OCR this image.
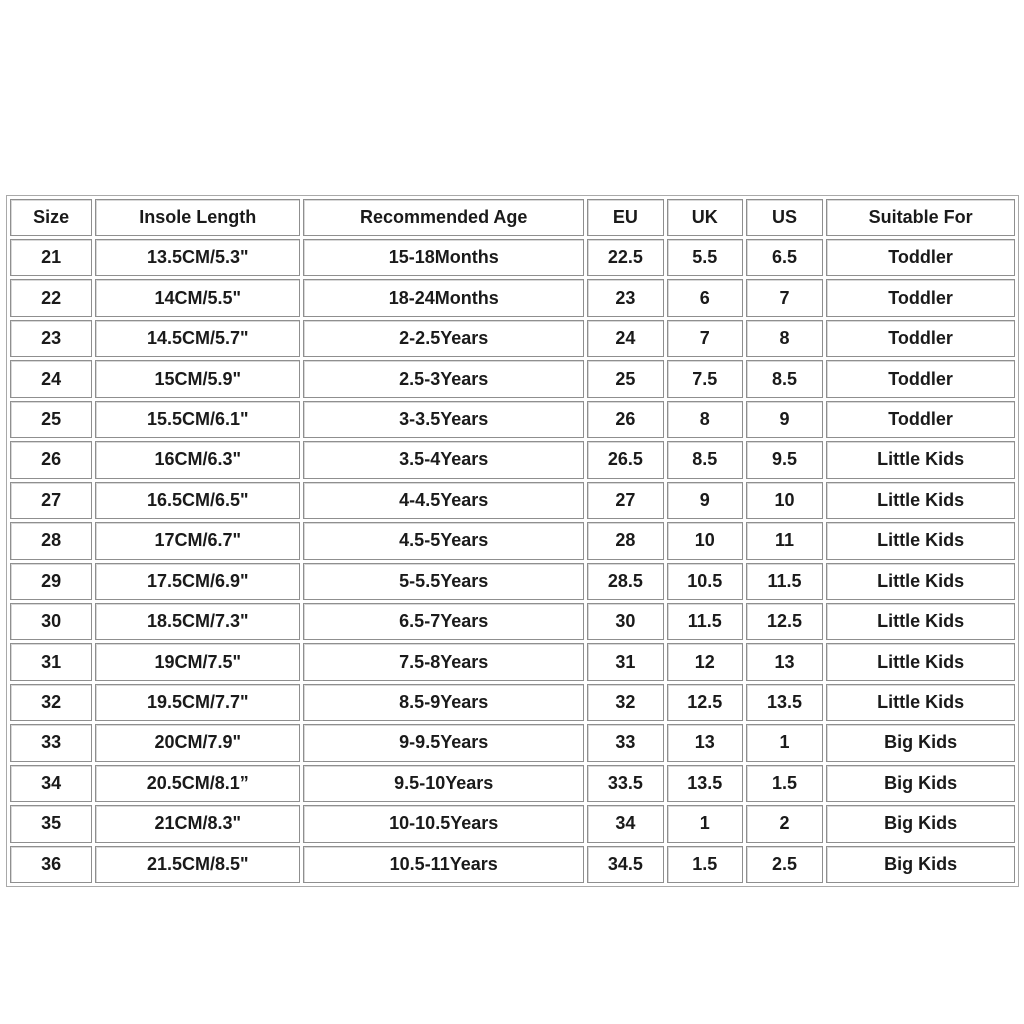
Size	Insole Length	Recommended Age	EU	UK	US	Suitable For
21	13.5CM/5.3"	15-18Months	22.5	5.5	6.5	Toddler
22	14CM/5.5"	18-24Months	23	6	7	Toddler
23	14.5CM/5.7"	2-2.5Years	24	7	8	Toddler
24	15CM/5.9"	2.5-3Years	25	7.5	8.5	Toddler
25	15.5CM/6.1"	3-3.5Years	26	8	9	Toddler
26	16CM/6.3"	3.5-4Years	26.5	8.5	9.5	Little Kids
27	16.5CM/6.5"	4-4.5Years	27	9	10	Little Kids
28	17CM/6.7"	4.5-5Years	28	10	11	Little Kids
29	17.5CM/6.9"	5-5.5Years	28.5	10.5	11.5	Little Kids
30	18.5CM/7.3"	6.5-7Years	30	11.5	12.5	Little Kids
31	19CM/7.5"	7.5-8Years	31	12	13	Little Kids
32	19.5CM/7.7"	8.5-9Years	32	12.5	13.5	Little Kids
33	20CM/7.9"	9-9.5Years	33	13	1	Big Kids
34	20.5CM/8.1”	9.5-10Years	33.5	13.5	1.5	Big Kids
35	21CM/8.3"	10-10.5Years	34	1	2	Big Kids
36	21.5CM/8.5"	10.5-11Years	34.5	1.5	2.5	Big Kids
